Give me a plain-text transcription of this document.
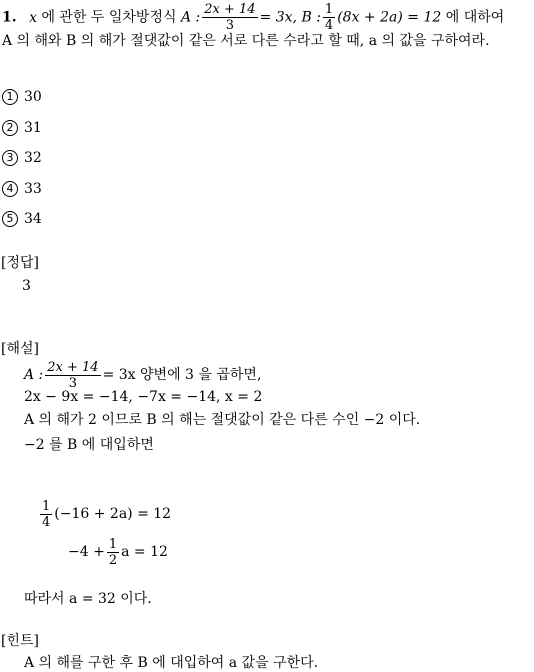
1. x 에 관한 두 일차방정식 A : $\frac{2x + 14}{3} = 3x$, B : $\frac{1}{4} (8x + 2a) = 12$ 에 대하여
A 의 해와 B 의 해가 절댓값이 같은 서로 다른 수라고 할 때, a 의 값을 구하여라.
1 30
2 31
3 32
4 33
5 34
[정답]
3
[해설]
A : $\frac{2x + 14}{3} = 3x$ 양변에 3 을 곱하면,
2x − 9x = −14, −7x = −14, x = 2
A 의 해가 2 이므로 B 의 해는 절댓값이 같은 다른 수인 −2 이다.
−2 를 B 에 대입하면
$\frac{1}{4} (-16 + 2a) = 12$
$-4 + \frac{1}{2}$ a = 12
따라서 a = 32 이다.
[힌트]
A 의 해를 구한 후 B 에 대입하여 a 값을 구한다.
